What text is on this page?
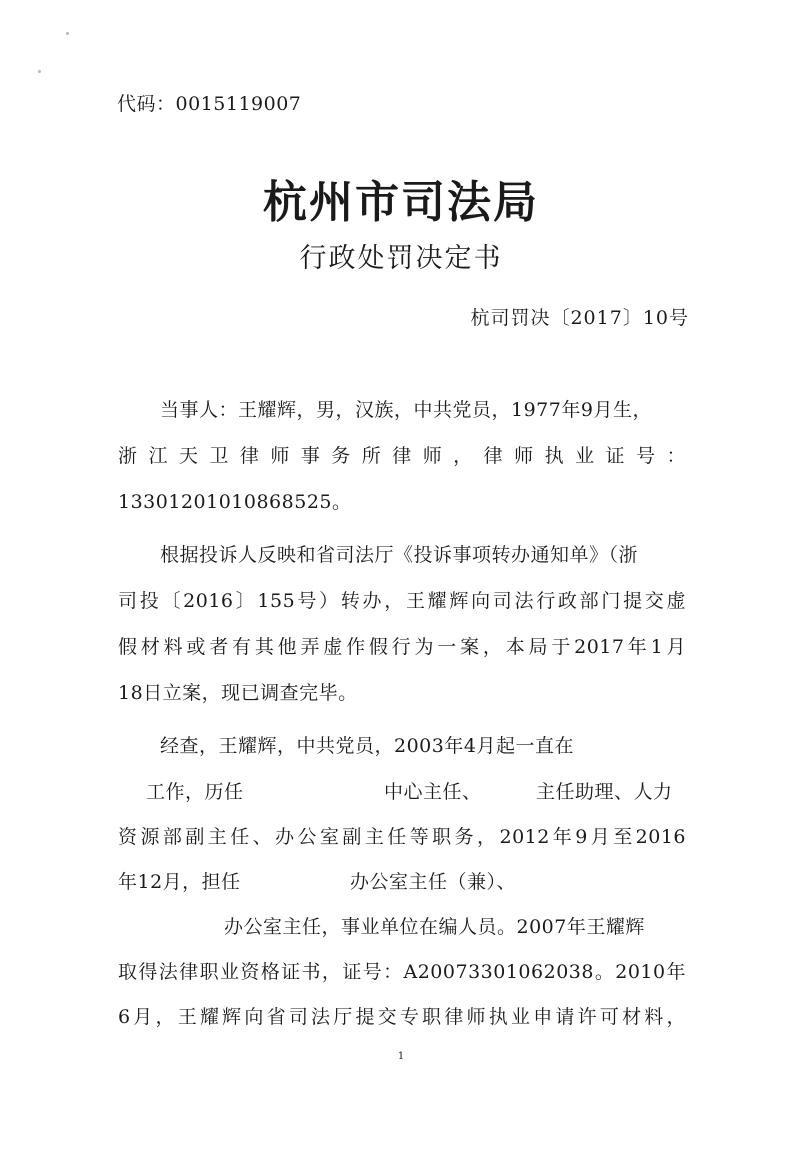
代码：0015119007
杭州市司法局
行政处罚决定书
杭司罚决〔2017〕10号
当事人：王耀辉，男，汉族，中共党员，1977年9月生，
浙江天卫律师事务所律师，律师执业证号：
13301201010868525。
根据投诉人反映和省司法厅《投诉事项转办通知单》（浙
司投〔2016〕155号）转办，王耀辉向司法行政部门提交虚
假材料或者有其他弄虚作假行为一案，本局于2017年1月
18日立案，现已调查完毕。
经查，王耀辉，中共党员，2003年4月起一直在
工作，历任	中心主任、	主任助理、人力
资源部副主任、办公室副主任等职务，2012年9月至2016
年12月，担任	办公室主任（兼）、
办公室主任，事业单位在编人员。2007年王耀辉
取得法律职业资格证书，证号：A20073301062038。2010年
6月，王耀辉向省司法厅提交专职律师执业申请许可材料，
1
